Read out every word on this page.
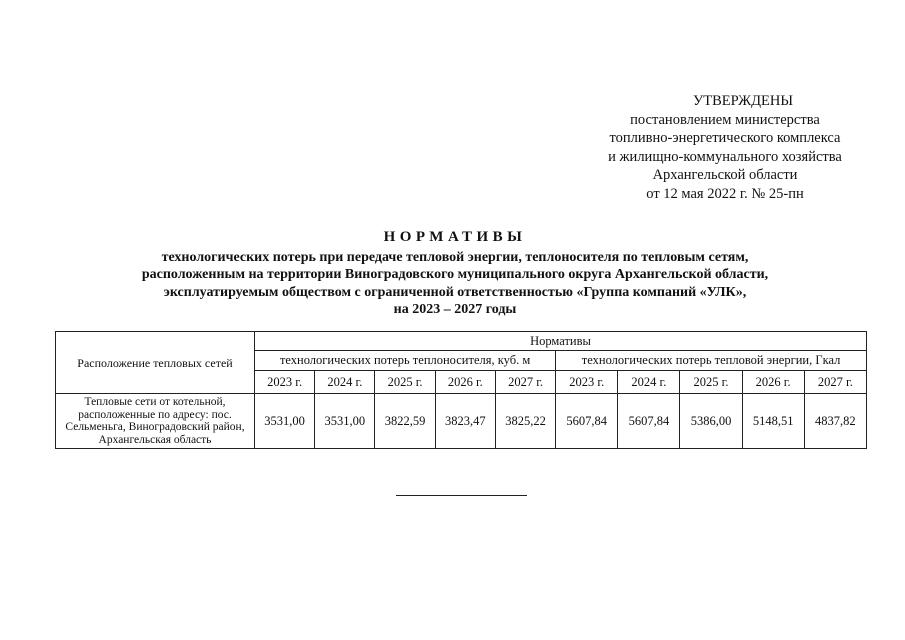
УТВЕРЖДЕНЫ
постановлением министерства
топливно-энергетического комплекса
и жилищно-коммунального хозяйства
Архангельской области
от 12 мая 2022 г. № 25-пн
НОРМАТИВЫ
технологических потерь при передаче тепловой энергии, теплоносителя по тепловым сетям,
расположенным на территории Виноградовского муниципального округа Архангельской области,
эксплуатируемым обществом с ограниченной ответственностью «Группа компаний «УЛК»,
на 2023 – 2027 годы
Расположение тепловых сетей	Нормативы									
	технологических потерь теплоносителя, куб. м					технологических потерь тепловой энергии, Гкал				
	2023 г.	2024 г.	2025 г.	2026 г.	2027 г.	2023 г.	2024 г.	2025 г.	2026 г.	2027 г.
Тепловые сети от котельной, расположенные по адресу: пос. Сельменьга, Виноградовский район, Архангельская область	3531,00	3531,00	3822,59	3823,47	3825,22	5607,84	5607,84	5386,00	5148,51	4837,82
